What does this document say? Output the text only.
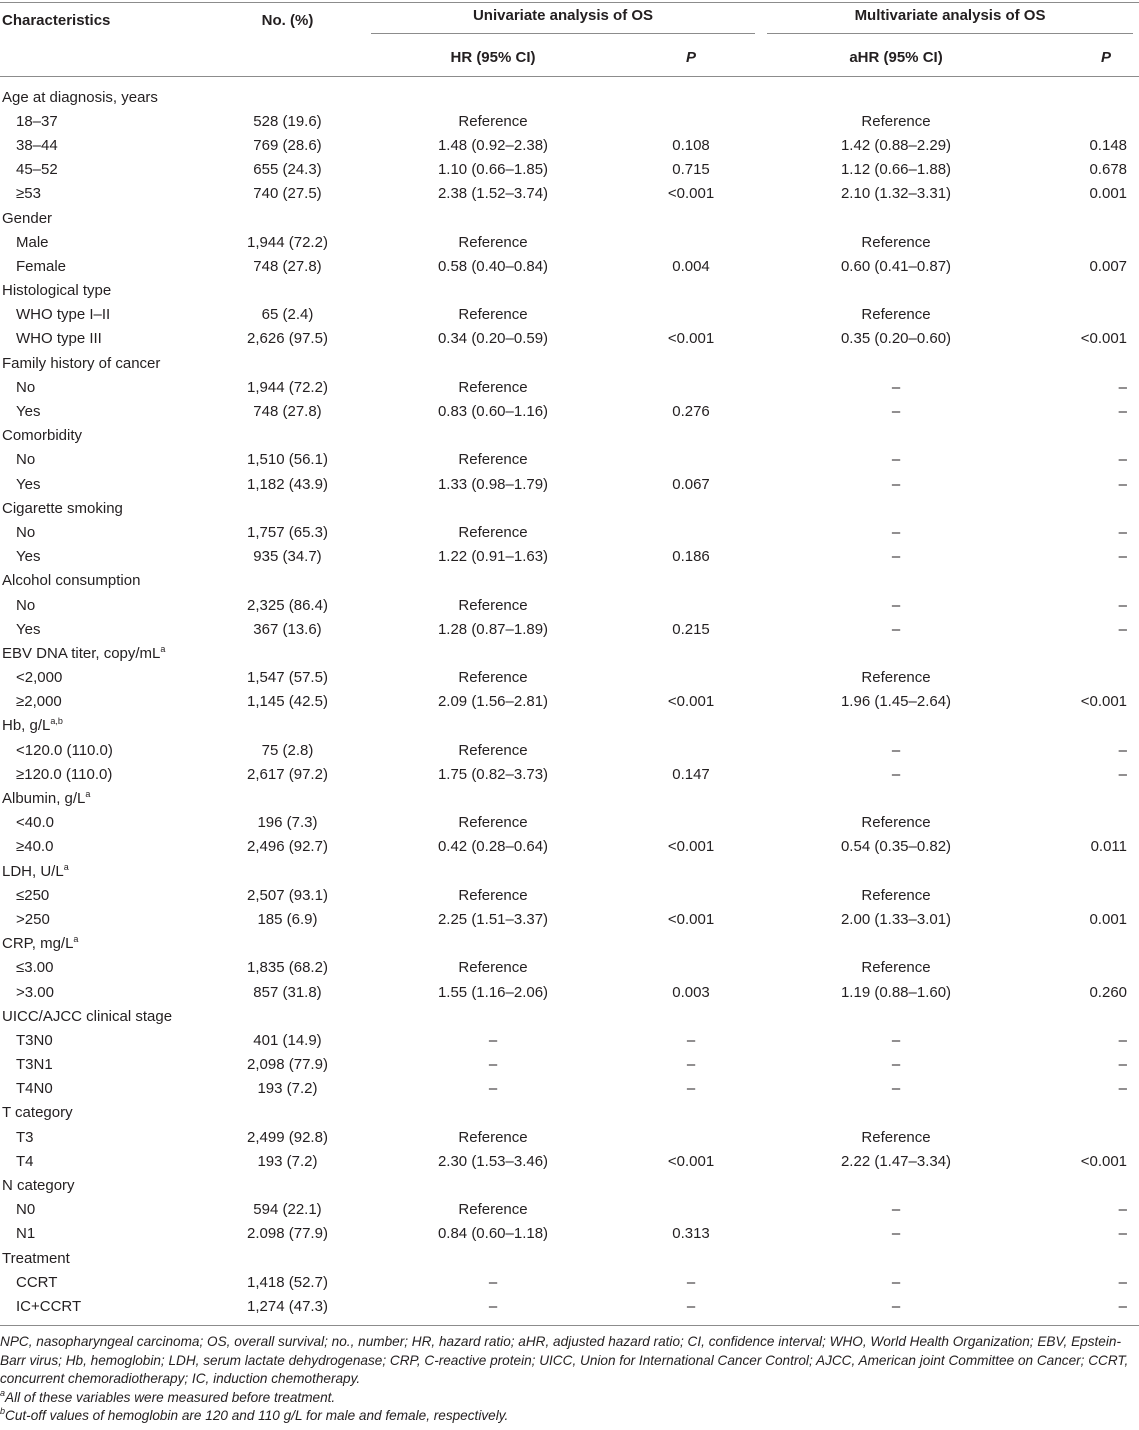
Characteristics	No. (%)	Univariate analysis of OS		Multivariate analysis of OS	

		HR (95% CI)	P	aHR (95% CI)	P
Age at diagnosis, years					
18–37	528 (19.6)	Reference		Reference	
38–44	769 (28.6)	1.48 (0.92–2.38)	0.108	1.42 (0.88–2.29)	0.148
45–52	655 (24.3)	1.10 (0.66–1.85)	0.715	1.12 (0.66–1.88)	0.678
≥53	740 (27.5)	2.38 (1.52–3.74)	<0.001	2.10 (1.32–3.31)	0.001
Gender					
Male	1,944 (72.2)	Reference		Reference	
Female	748 (27.8)	0.58 (0.40–0.84)	0.004	0.60 (0.41–0.87)	0.007
Histological type					
WHO type I–II	65 (2.4)	Reference		Reference	
WHO type III	2,626 (97.5)	0.34 (0.20–0.59)	<0.001	0.35 (0.20–0.60)	<0.001
Family history of cancer					
No	1,944 (72.2)	Reference		–	–
Yes	748 (27.8)	0.83 (0.60–1.16)	0.276	–	–
Comorbidity					
No	1,510 (56.1)	Reference		–	–
Yes	1,182 (43.9)	1.33 (0.98–1.79)	0.067	–	–
Cigarette smoking					
No	1,757 (65.3)	Reference		–	–
Yes	935 (34.7)	1.22 (0.91–1.63)	0.186	–	–
Alcohol consumption					
No	2,325 (86.4)	Reference		–	–
Yes	367 (13.6)	1.28 (0.87–1.89)	0.215	–	–
EBV DNA titer, copy/$mL^a$					
<2,000	1,547 (57.5)	Reference		Reference	
≥2,000	1,145 (42.5)	2.09 (1.56–2.81)	<0.001	1.96 (1.45–2.64)	<0.001
Hb, $g/L^{a,b}$					
<120.0 (110.0)	75 (2.8)	Reference		–	–
≥120.0 (110.0)	2,617 (97.2)	1.75 (0.82–3.73)	0.147	–	–
Albumin, $g/L^a$					
<40.0	196 (7.3)	Reference		Reference	
≥40.0	2,496 (92.7)	0.42 (0.28–0.64)	<0.001	0.54 (0.35–0.82)	0.011
LDH, $U/L^a$					
≤250	2,507 (93.1)	Reference		Reference	
>250	185 (6.9)	2.25 (1.51–3.37)	<0.001	2.00 (1.33–3.01)	0.001
CRP, $mg/L^a$					
≤3.00	1,835 (68.2)	Reference		Reference	
>3.00	857 (31.8)	1.55 (1.16–2.06)	0.003	1.19 (0.88–1.60)	0.260
UICC/AJCC clinical stage					
T3N0	401 (14.9)	–	–	–	–
T3N1	2,098 (77.9)	–	–	–	–
T4N0	193 (7.2)	–	–	–	–
T category					
T3	2,499 (92.8)	Reference		Reference	
T4	193 (7.2)	2.30 (1.53–3.46)	<0.001	2.22 (1.47–3.34)	<0.001
N category					
N0	594 (22.1)	Reference		–	–
N1	2.098 (77.9)	0.84 (0.60–1.18)	0.313	–	–
Treatment					
CCRT	1,418 (52.7)	–	–	–	–
IC+CCRT	1,274 (47.3)	–	–	–	–

NPC, nasopharyngeal carcinoma; OS, overall survival; no., number; HR, hazard ratio; aHR, adjusted hazard ratio; CI, confidence interval; WHO, World Health Organization; EBV, Epstein-Barr virus; Hb, hemoglobin; LDH, serum lactate dehydrogenase; CRP, C-reactive protein; UICC, Union for International Cancer Control; AJCC, American joint Committee on Cancer; CCRT, concurrent chemoradiotherapy; IC, induction chemotherapy.

$^a$All of these variables were measured before treatment.

$^b$Cut-off values of hemoglobin are 120 and 110 g/L for male and female, respectively.
